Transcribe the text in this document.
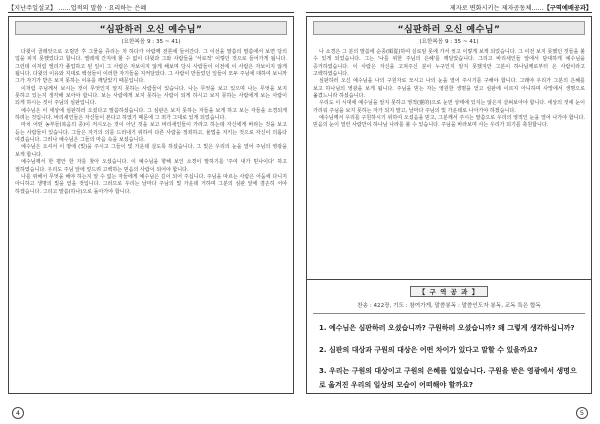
【지난주일설교】 ……업적의 말씀 · 요리하는 은혜
“심판하러 오신 예수님”
(요한복음 9 : 35 ~ 41)

다윗이 골레앗으로 오릴만 후 그물을 쥬리는 처 하다가 아람께 전론에 들어간다. 그 이선을 말씀의 말씀에서 보면 당의 업을 피지 못했었다고 합니다. 엘레제 간지에 할 수 없이 다윗과 그와 사람들을 '서로적' 이렇던 것으로 들어가게 됩니다. 그런데 이처럼 엘리가 졸업하고 된 일이 그 사람은 자보이지 않게 해보며 당시 사람들이 이전에 이 사람은 자보이지 않게 됩니다. 다윗의 이유와 지대로 백성들이 이러한 자기들을 지켜달았다. 그 사람이 만들었던 일들이 모두 주님에 대하여 보니까 그가 자기가 받은 보지 못하는 이유를 깨달았기 때문입니다.

이처럼 주님께서 보시는 것이 무엇인지 알지 못하는 사람들이 있습니다. 나는 무엇을 보고 있으며 나는 무엇을 보지 못하고 있는지 생각해 보아야 합니다. 보는 사람에게 보지 못하는 사람이 되게 하시고 보지 못하는 사람에게 보는 사람이 되게 하시는 것이 주님의 심판입니다.

예수님은 이 세상에 심판하러 오셨다고 말씀하셨습니다. 그 심판은 보지 못하는 자들을 보게 하고 보는 자들을 소경되게 하려는 것입니다. 바리새인들은 자신들이 본다고 하였기 때문에 그 죄가 그대로 있게 되었습니다.

마치 어떤 농부들(복음의 종)이 저시오는 것이 아닌 것을 보고 바리새인들이 가라고 하는데 자신에게 바라는 것을 보고 듣는 사람들이 있습니다. 그들은 자기의 의를 드러내기 위하여 다른 사람을 정죄하고, 율법을 지키는 것으로 자신이 의롭다 여겼습니다. 그러나 예수님은 그들의 마음 속을 보셨습니다.

예수님은 오셔서 이 땅에 (빛)을 주시고 그들이 빛 가운데 살도록 하셨습니다. 그 빛은 우리의 눈을 열어 주님의 영광을 보게 합니다.

예수님께서 한 평안 한 자를 찾아 오셨습니다. 이 예수님을 향해 보인 소경이 말하기를 '주여 내가 믿나이다' 하고 절하였습니다. 우리도 주님 앞에 엎드려 고백하는 믿음의 사람이 되어야 합니다.

나를 위해서 무엇을 해야 하는지 알 수 없는 자들에게 예수님은 길이 되어 주십니다. 주님을 따르는 사람은 어둠에 다니지 아니하고 생명의 빛을 얻을 것입니다. 그러므로 우리는 날마다 주님의 빛 가운데 거하며 그분의 심판 앞에 겸손히 서야 하겠습니다. 그리고 말씀(하나)으로 돌아가야 합니다.

4
제자로 변화시키는 제자공동체……【구역예배공과】
“심판하러 오신 예수님”
(요한복음 9 : 35 ~ 41)

나 소경은 그 분의 말씀에 순종(順從)하여 실로암 못에 가서 씻고 이렇게 보게 되었습니다. 그 이전 보지 못했던 것들을 볼 수 있게 되었습니다. 그는 '나를 위한 주님의 은혜'를 깨달았습니다. 그리고 바리새인들 앞에서 담대하게 예수님을 증거하였습니다. 이 사람은 자신을 고쳐주신 분이 누구인지 알지 못했지만 그분이 하나님께로부터 온 사람이라고 고백하였습니다.

심판하러 오신 예수님을 나의 구원자로 모시고 나의 눈을 열어 주시기를 구해야 합니다. 그래야 우리가 그분의 은혜를 보고 하나님의 영광을 보게 됩니다. 주님을 믿는 자는 영원한 생명을 얻고 심판에 이르지 아니하며 사망에서 생명으로 옮겼느니라 하셨습니다.

우리도 이 시대에 예수님을 알지 못하고 영적(靈的)으로 눈먼 상태에 있지는 않은지 살펴보아야 합니다. 세상의 것에 눈이 가리워 주님을 보지 못하는 자가 되지 말고, 날마다 주님의 빛 가운데로 나아가야 하겠습니다.

예수님께서 우리를 구원하시기 위하여 오셨음을 믿고, 그분께서 주시는 말씀으로 우리의 영적인 눈을 열어 나가야 합니다. 믿음의 눈이 열린 사람만이 하나님 나라를 볼 수 있습니다. 주님을 바라보며 사는 우리가 되기를 축원합니다.

【 구 역 공 과 】
찬송 : 422장, 기도 : 참여가게, 말씀봉독 : 말씀인도자 봉독, 교독 특은 합독

1. 예수님은 심판하러 오셨습니까? 구원하러 오셨습니까? 왜 그렇게 생각하십니까?

2. 심판의 대상과 구원의 대상은 어떤 차이가 있다고 말할 수 있을까요?

3. 우리는 구원의 대상이고 구원의 은혜를 입었습니다. 구원을 받은 영광에서 생명으로 옮겨진 우리의 일상의 모습이 어떠해야 할까요?

5
